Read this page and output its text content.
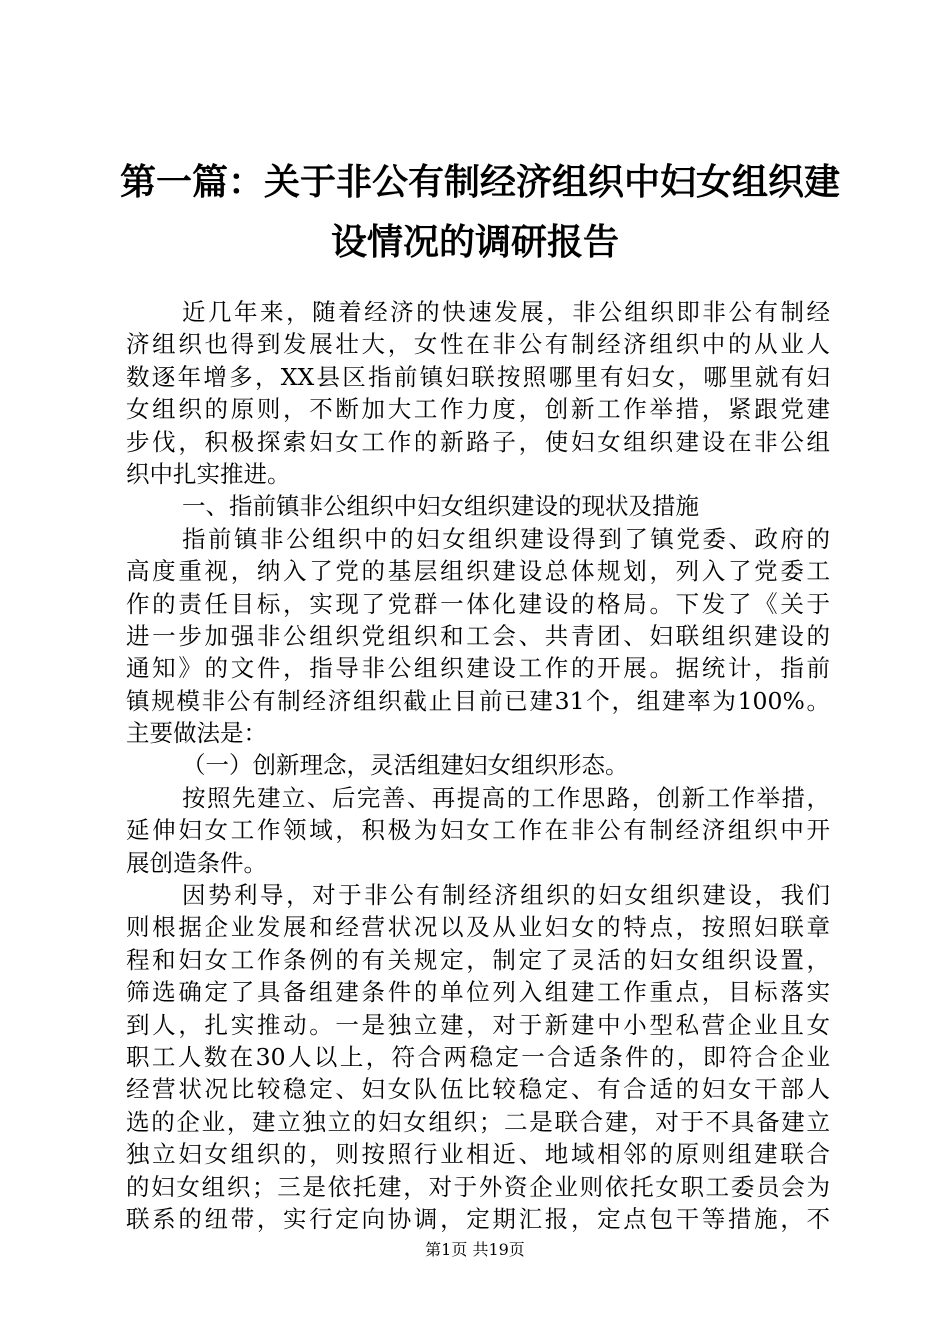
第一篇：关于非公有制经济组织中妇女组织建
设情况的调研报告
近几年来，随着经济的快速发展，非公组织即非公有制经
济组织也得到发展壮大，女性在非公有制经济组织中的从业人
数逐年增多，XX县区指前镇妇联按照哪里有妇女，哪里就有妇
女组织的原则，不断加大工作力度，创新工作举措，紧跟党建
步伐，积极探索妇女工作的新路子，使妇女组织建设在非公组
织中扎实推进。
一、指前镇非公组织中妇女组织建设的现状及措施
指前镇非公组织中的妇女组织建设得到了镇党委、政府的
高度重视，纳入了党的基层组织建设总体规划，列入了党委工
作的责任目标，实现了党群一体化建设的格局。下发了《关于
进一步加强非公组织党组织和工会、共青团、妇联组织建设的
通知》的文件，指导非公组织建设工作的开展。据统计，指前
镇规模非公有制经济组织截止目前已建31个，组建率为100%。
主要做法是：
（一）创新理念，灵活组建妇女组织形态。
按照先建立、后完善、再提高的工作思路，创新工作举措，
延伸妇女工作领域，积极为妇女工作在非公有制经济组织中开
展创造条件。
因势利导，对于非公有制经济组织的妇女组织建设，我们
则根据企业发展和经营状况以及从业妇女的特点，按照妇联章
程和妇女工作条例的有关规定，制定了灵活的妇女组织设置，
筛选确定了具备组建条件的单位列入组建工作重点，目标落实
到人，扎实推动。一是独立建，对于新建中小型私营企业且女
职工人数在30人以上，符合两稳定一合适条件的，即符合企业
经营状况比较稳定、妇女队伍比较稳定、有合适的妇女干部人
选的企业，建立独立的妇女组织；二是联合建，对于不具备建立
独立妇女组织的，则按照行业相近、地域相邻的原则组建联合
的妇女组织；三是依托建，对于外资企业则依托女职工委员会为
联系的纽带，实行定向协调，定期汇报，定点包干等措施，不
第1页 共19页
